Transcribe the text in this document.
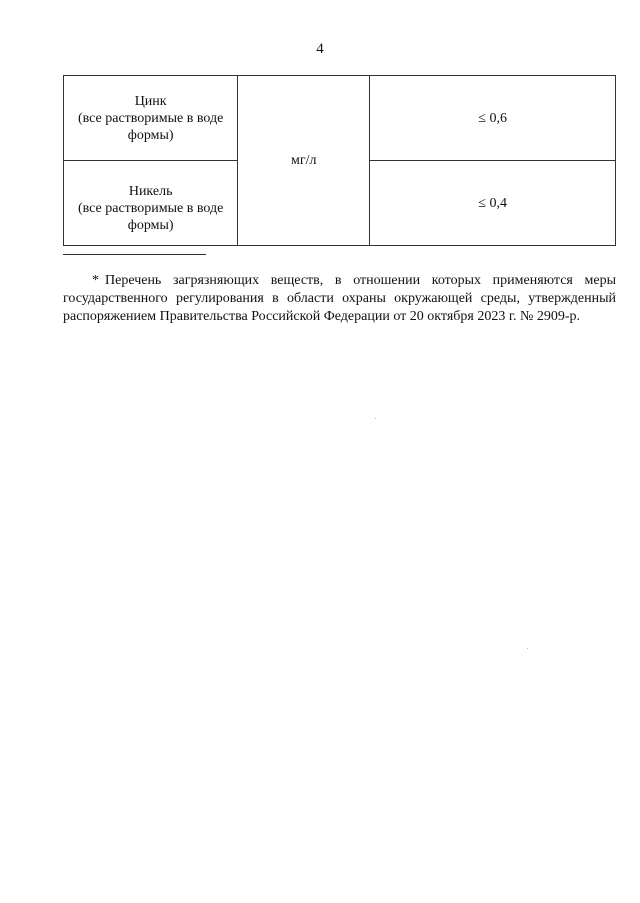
4
Цинк
(все растворимые в воде формы)	мг/л	≤ 0,6

Никель
(все растворимые в воде формы)		≤ 0,4
* Перечень загрязняющих веществ, в отношении которых применяются меры государственного регулирования в области охраны окружающей среды, утвержденный распоряжением Правительства Российской Федерации от 20 октября 2023 г. № 2909-р.
